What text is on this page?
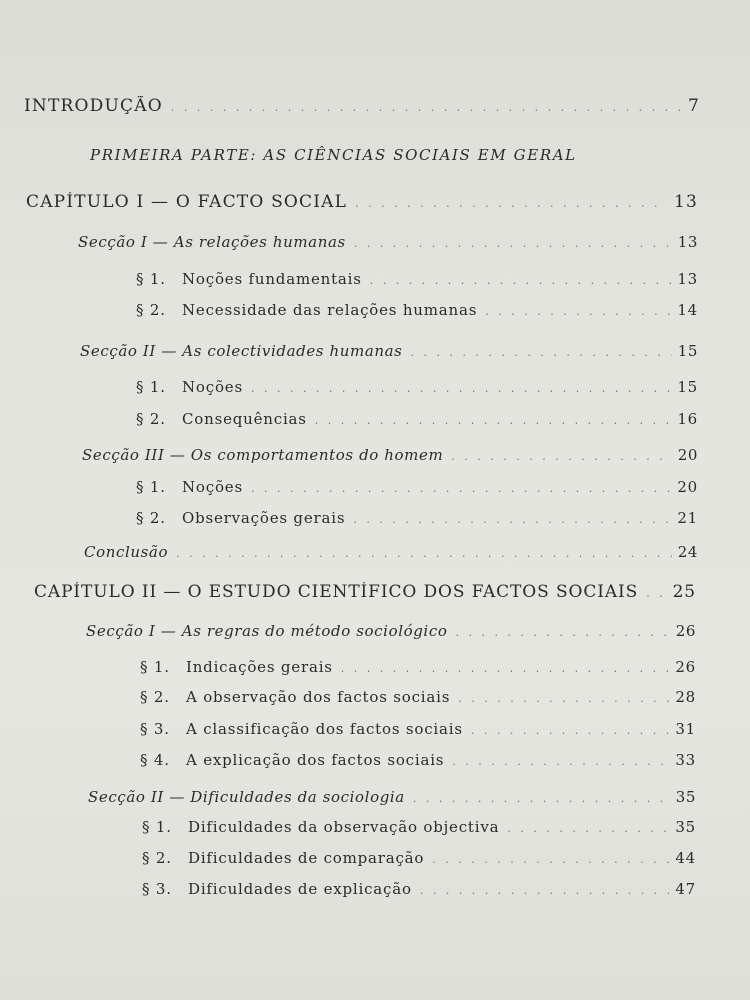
INTRODUÇÃO . . .	7
PRIMEIRA PARTE: AS CIÊNCIAS SOCIAIS EM GERAL
CAPÍTULO I — O FACTO SOCIAL . . .	13
Secção I — As relações humanas . . .	13
§ 1. Noções fundamentais . . .	13
§ 2. Necessidade das relações humanas . . .	14
Secção II — As colectividades humanas . . .	15
§ 1. Noções . . .	15
§ 2. Consequências . . .	16
Secção III — Os comportamentos do homem . . .	20
§ 1. Noções . . .	20
§ 2. Observações gerais . . .	21
Conclusão . . .	24
CAPÍTULO II — O ESTUDO CIENTÍFICO DOS FACTOS SOCIAIS . . . 25
Secção I — As regras do método sociológico . . .	26
§ 1. Indicações gerais . . .	26
§ 2. A observação dos factos sociais . . .	28
§ 3. A classificação dos factos sociais . . .	31
§ 4. A explicação dos factos sociais . . .	33
Secção II — Dificuldades da sociologia . . .	35
§ 1. Dificuldades da observação objectiva . . .	35
§ 2. Dificuldades de comparação . . .	44
§ 3. Dificuldades de explicação . . .	47
